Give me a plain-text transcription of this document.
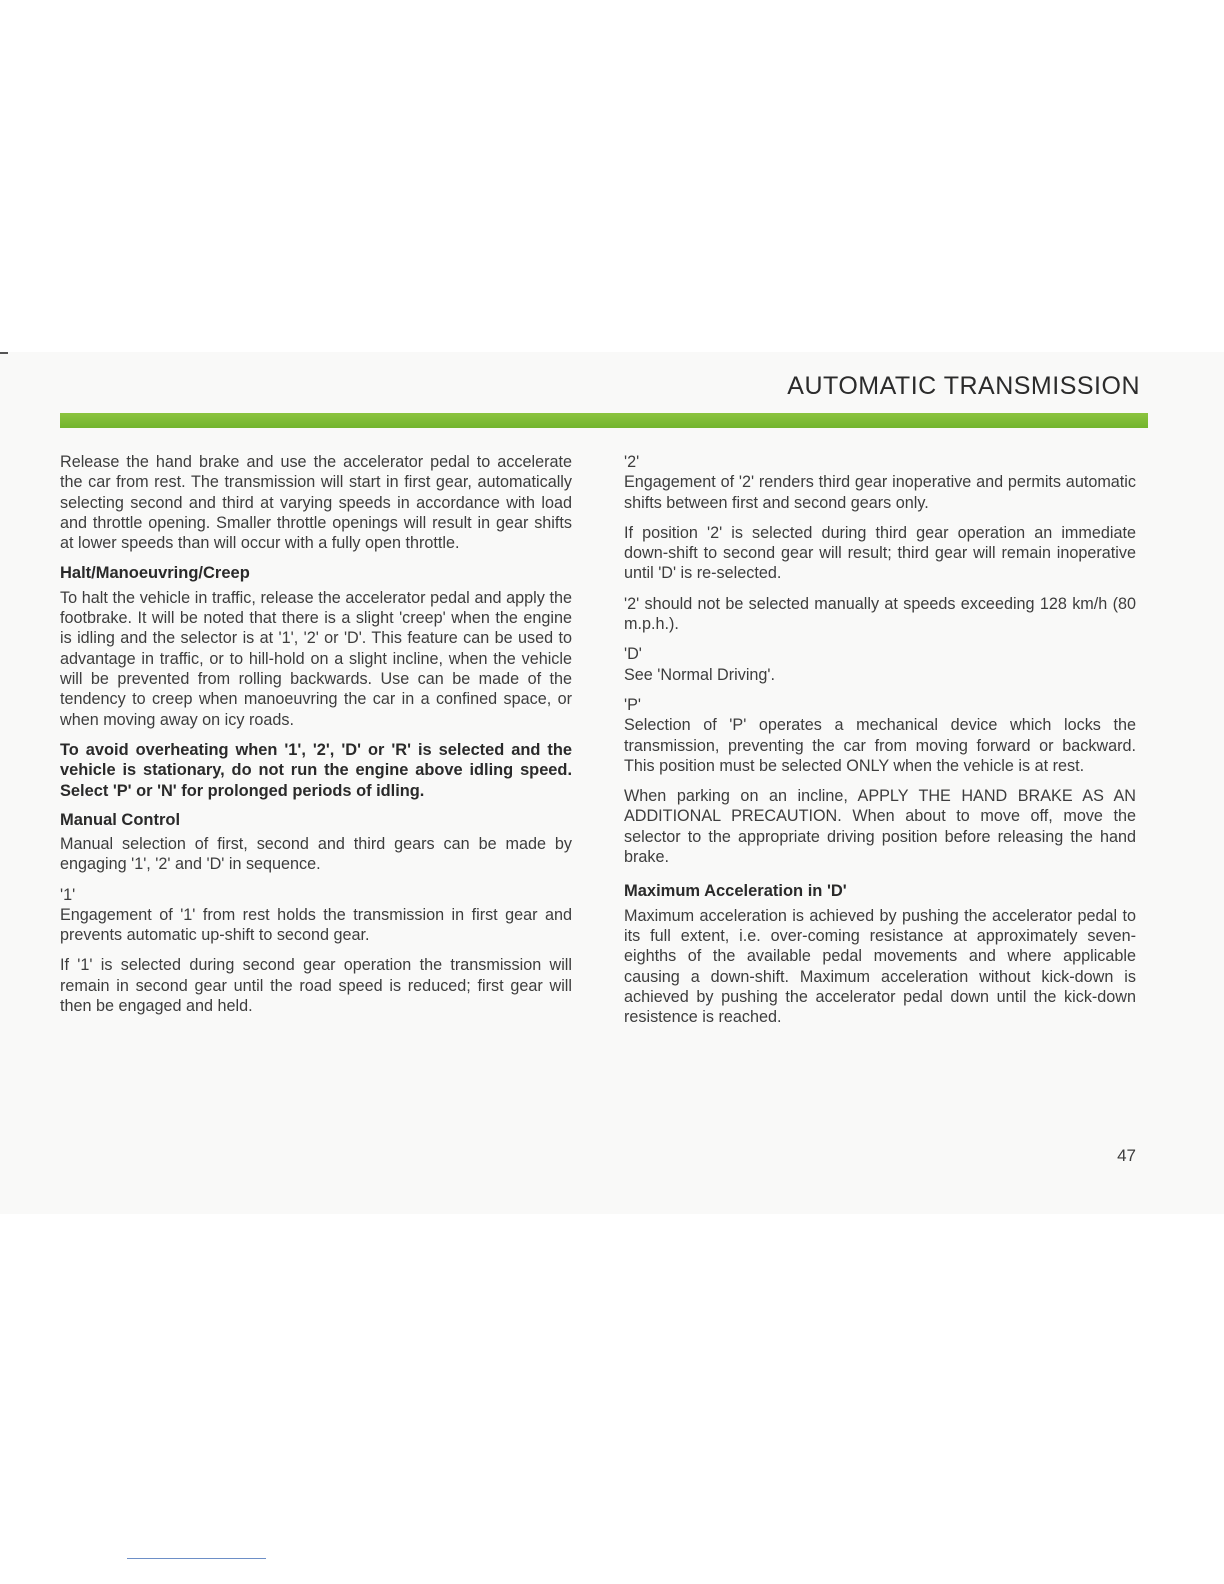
AUTOMATIC TRANSMISSION

Release the hand brake and use the accelerator pedal to accelerate the car from rest. The transmission will start in first gear, automatically selecting second and third at varying speeds in accordance with load and throttle opening. Smaller throttle openings will result in gear shifts at lower speeds than will occur with a fully open throttle.

Halt/Manoeuvring/Creep

To halt the vehicle in traffic, release the accelerator pedal and apply the footbrake. It will be noted that there is a slight 'creep' when the engine is idling and the selector is at '1', '2' or 'D'. This feature can be used to advantage in traffic, or to hill-hold on a slight incline, when the vehicle will be prevented from rolling backwards. Use can be made of the tendency to creep when manoeuvring the car in a confined space, or when moving away on icy roads.

To avoid overheating when '1', '2', 'D' or 'R' is selected and the vehicle is stationary, do not run the engine above idling speed. Select 'P' or 'N' for prolonged periods of idling.

Manual Control

Manual selection of first, second and third gears can be made by engaging '1', '2' and 'D' in sequence.

'1'

Engagement of '1' from rest holds the transmission in first gear and prevents automatic up-shift to second gear.

If '1' is selected during second gear operation the transmission will remain in second gear until the road speed is reduced; first gear will then be engaged and held.

'2'

Engagement of '2' renders third gear inoperative and permits automatic shifts between first and second gears only.

If position '2' is selected during third gear operation an immediate down-shift to second gear will result; third gear will remain inoperative until 'D' is re-selected.

'2' should not be selected manually at speeds exceeding 128 km/h (80 m.p.h.).

'D'

See 'Normal Driving'.

'P'

Selection of 'P' operates a mechanical device which locks the transmission, preventing the car from moving forward or backward. This position must be selected ONLY when the vehicle is at rest.

When parking on an incline, APPLY THE HAND BRAKE AS AN ADDITIONAL PRECAUTION. When about to move off, move the selector to the appropriate driving position before releasing the hand brake.

Maximum Acceleration in 'D'

Maximum acceleration is achieved by pushing the accelerator pedal to its full extent, i.e. over-coming resistance at approximately seven-eighths of the available pedal movements and where applicable causing a down-shift. Maximum acceleration without kick-down is achieved by pushing the accelerator pedal down until the kick-down resistence is reached.

47
